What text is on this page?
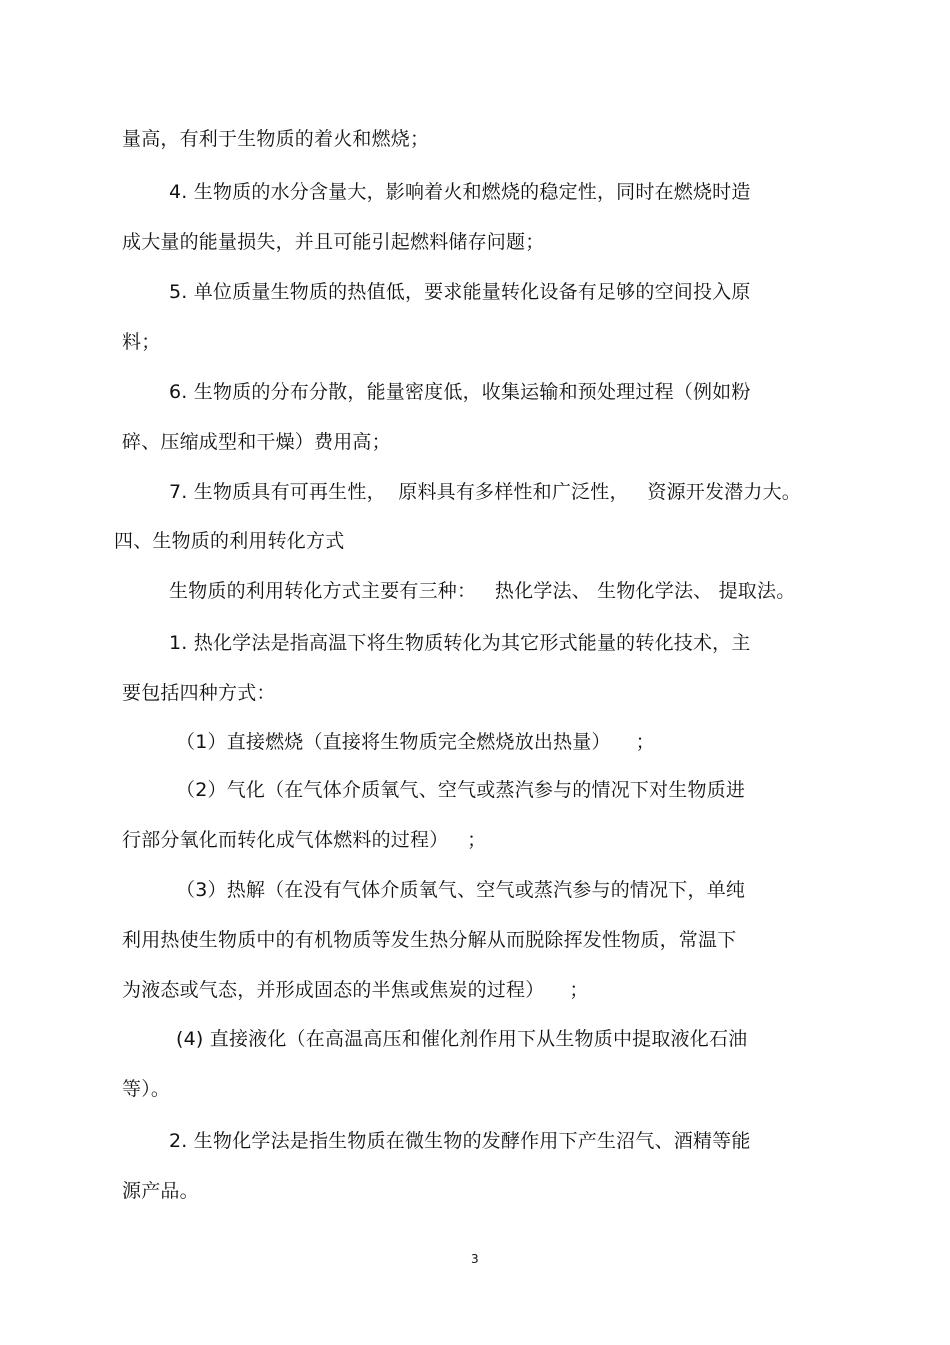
量高，有利于生物质的着火和燃烧；
4. 生物质的水分含量大，影响着火和燃烧的稳定性，同时在燃烧时造
成大量的能量损失，并且可能引起燃料储存问题；
5. 单位质量生物质的热值低，要求能量转化设备有足够的空间投入原
料；
6. 生物质的分布分散，能量密度低，收集运输和预处理过程（例如粉
碎、压缩成型和干燥）费用高；
7. 生物质具有可再生性，  原料具有多样性和广泛性，   资源开发潜力大。
四、生物质的利用转化方式
生物质的利用转化方式主要有三种：   热化学法、 生物化学法、 提取法。
1. 热化学法是指高温下将生物质转化为其它形式能量的转化技术，主
要包括四种方式：
（1）直接燃烧（直接将生物质完全燃烧放出热量）    ；
（2）气化（在气体介质氧气、空气或蒸汽参与的情况下对生物质进
行部分氧化而转化成气体燃料的过程）   ；
（3）热解（在没有气体介质氧气、空气或蒸汽参与的情况下，单纯
利用热使生物质中的有机物质等发生热分解从而脱除挥发性物质，常温下
为液态或气态，并形成固态的半焦或焦炭的过程）    ；
(4) 直接液化（在高温高压和催化剂作用下从生物质中提取液化石油
等）。
2. 生物化学法是指生物质在微生物的发酵作用下产生沼气、酒精等能
源产品。
3
